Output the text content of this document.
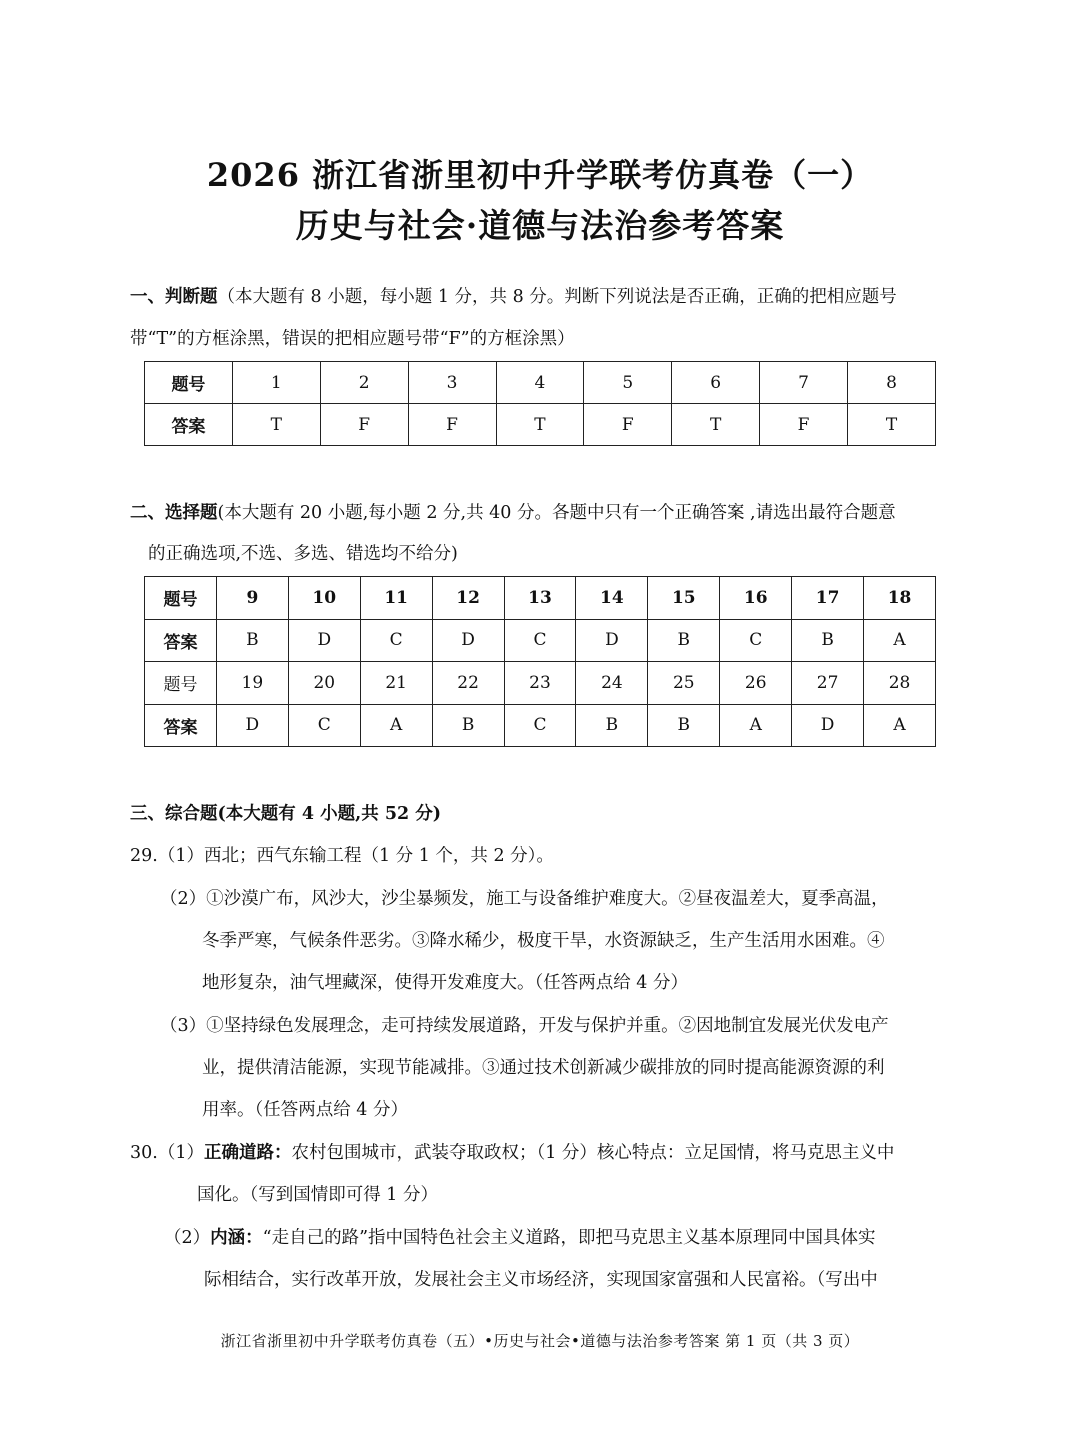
2026 浙江省浙里初中升学联考仿真卷（一）
历史与社会·道德与法治参考答案
一、判断题（本大题有 8 小题，每小题 1 分，共 8 分。判断下列说法是否正确，正确的把相应题号
带“T”的方框涂黑，错误的把相应题号带“F”的方框涂黑）
题号	1	2	3	4	5	6	7	8
答案	T	F	F	T	F	T	F	T
二、选择题(本大题有 20 小题,每小题 2 分,共 40 分。各题中只有一个正确答案 ,请选出最符合题意
的正确选项,不选、多选、错选均不给分)
题号	9	10	11	12	13	14	15	16	17	18
答案	B	D	C	D	C	D	B	C	B	A
题号	19	20	21	22	23	24	25	26	27	28
答案	D	C	A	B	C	B	B	A	D	A
三、综合题(本大题有 4 小题,共 52 分)
29.（1）西北；西气东输工程（1 分 1 个，共 2 分）。
（2）①沙漠广布，风沙大，沙尘暴频发，施工与设备维护难度大。②昼夜温差大，夏季高温，
冬季严寒，气候条件恶劣。③降水稀少，极度干旱，水资源缺乏，生产生活用水困难。④
地形复杂，油气埋藏深，使得开发难度大。（任答两点给 4 分）
（3）①坚持绿色发展理念，走可持续发展道路，开发与保护并重。②因地制宜发展光伏发电产
业，提供清洁能源，实现节能减排。③通过技术创新减少碳排放的同时提高能源资源的利
用率。（任答两点给 4 分）
30.（1）正确道路：农村包围城市，武装夺取政权；（1 分）核心特点：立足国情，将马克思主义中
国化。（写到国情即可得 1 分）
（2）内涵：“走自己的路”指中国特色社会主义道路，即把马克思主义基本原理同中国具体实
际相结合，实行改革开放，发展社会主义市场经济，实现国家富强和人民富裕。（写出中
浙江省浙里初中升学联考仿真卷（五）•历史与社会•道德与法治参考答案 第 1 页（共 3 页）
